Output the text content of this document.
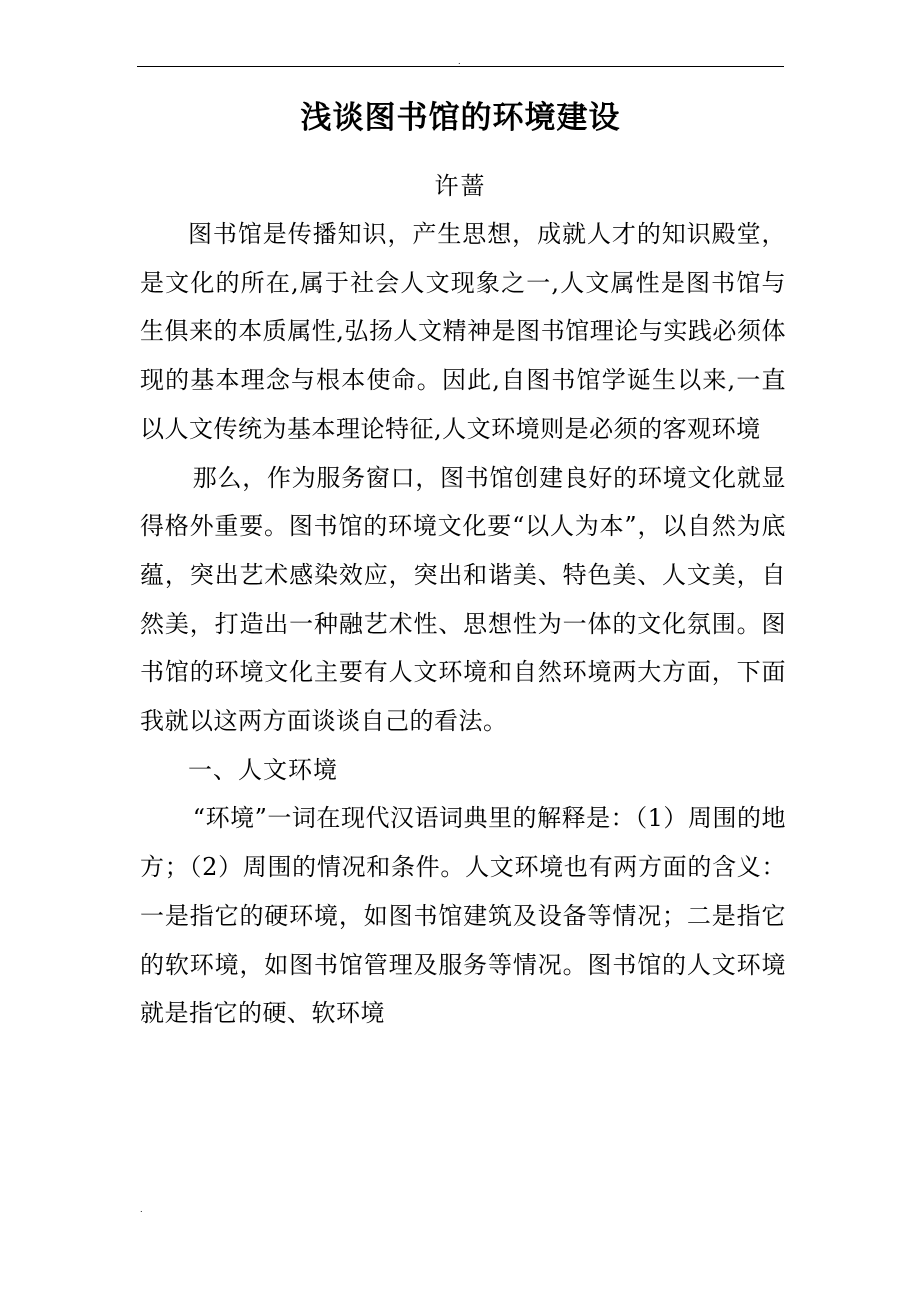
.
浅谈图书馆的环境建设
许蔷

图书馆是传播知识，产生思想，成就人才的知识殿堂，是文化的所在,属于社会人文现象之一,人文属性是图书馆与生俱来的本质属性,弘扬人文精神是图书馆理论与实践必须体现的基本理念与根本使命。因此,自图书馆学诞生以来,一直以人文传统为基本理论特征,人文环境则是必须的客观环境

那么，作为服务窗口，图书馆创建良好的环境文化就显得格外重要。图书馆的环境文化要“以人为本”，以自然为底蕴，突出艺术感染效应，突出和谐美、特色美、人文美，自然美，打造出一种融艺术性、思想性为一体的文化氛围。图书馆的环境文化主要有人文环境和自然环境两大方面，下面我就以这两方面谈谈自己的看法。

一、人文环境

“环境”一词在现代汉语词典里的解释是：（1）周围的地方；（2）周围的情况和条件。人文环境也有两方面的含义：一是指它的硬环境，如图书馆建筑及设备等情况；二是指它的软环境，如图书馆管理及服务等情况。图书馆的人文环境就是指它的硬、软环境

.
